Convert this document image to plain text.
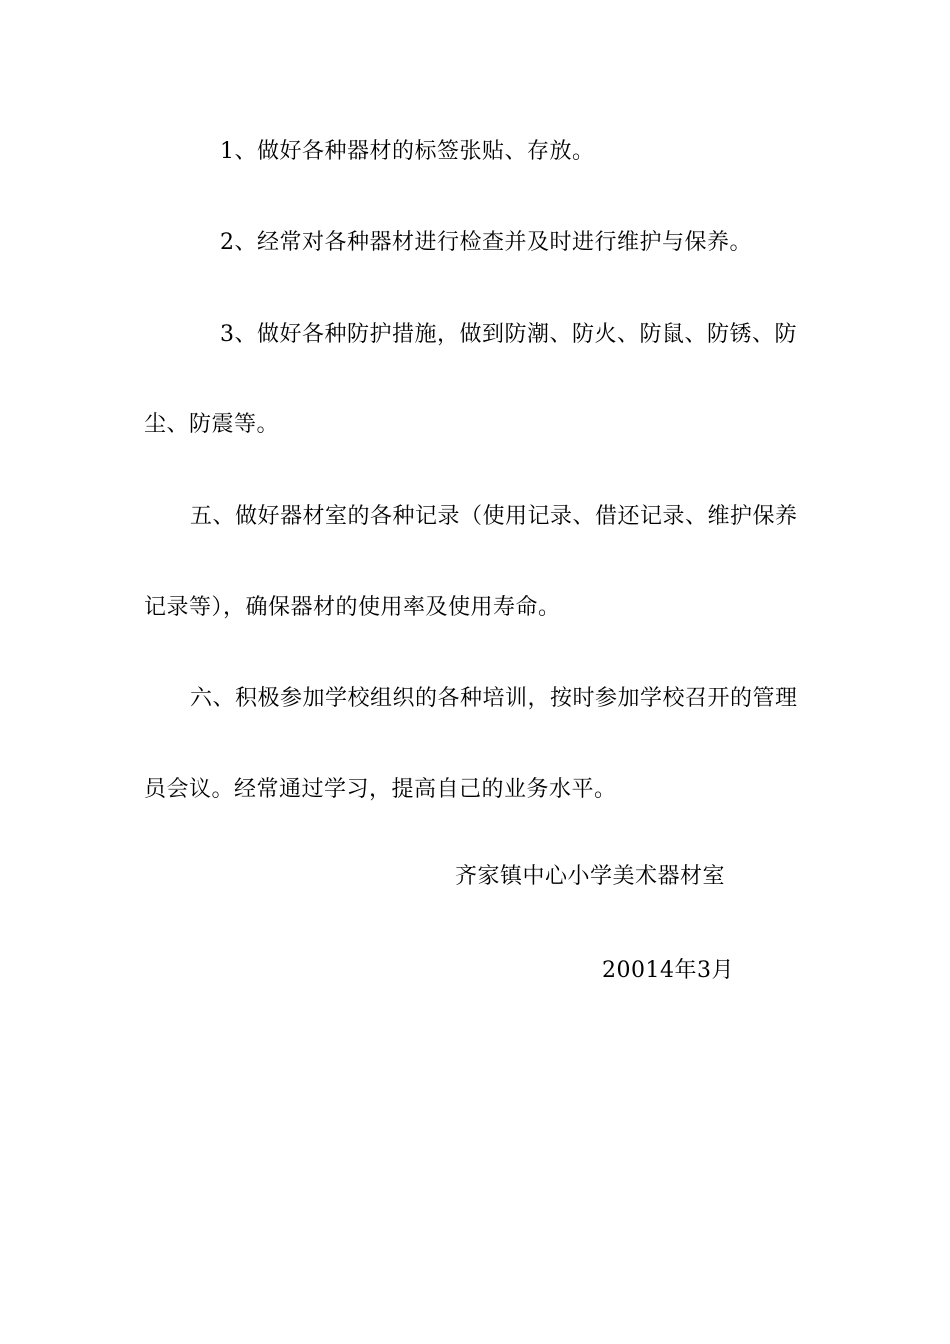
1、做好各种器材的标签张贴、存放。
2、经常对各种器材进行检查并及时进行维护与保养。
3、做好各种防护措施，做到防潮、防火、防鼠、防锈、防
尘、防震等。
五、做好器材室的各种记录（使用记录、借还记录、维护保养
记录等），确保器材的使用率及使用寿命。
六、积极参加学校组织的各种培训，按时参加学校召开的管理
员会议。经常通过学习，提高自己的业务水平。
齐家镇中心小学美术器材室
20014年3月
